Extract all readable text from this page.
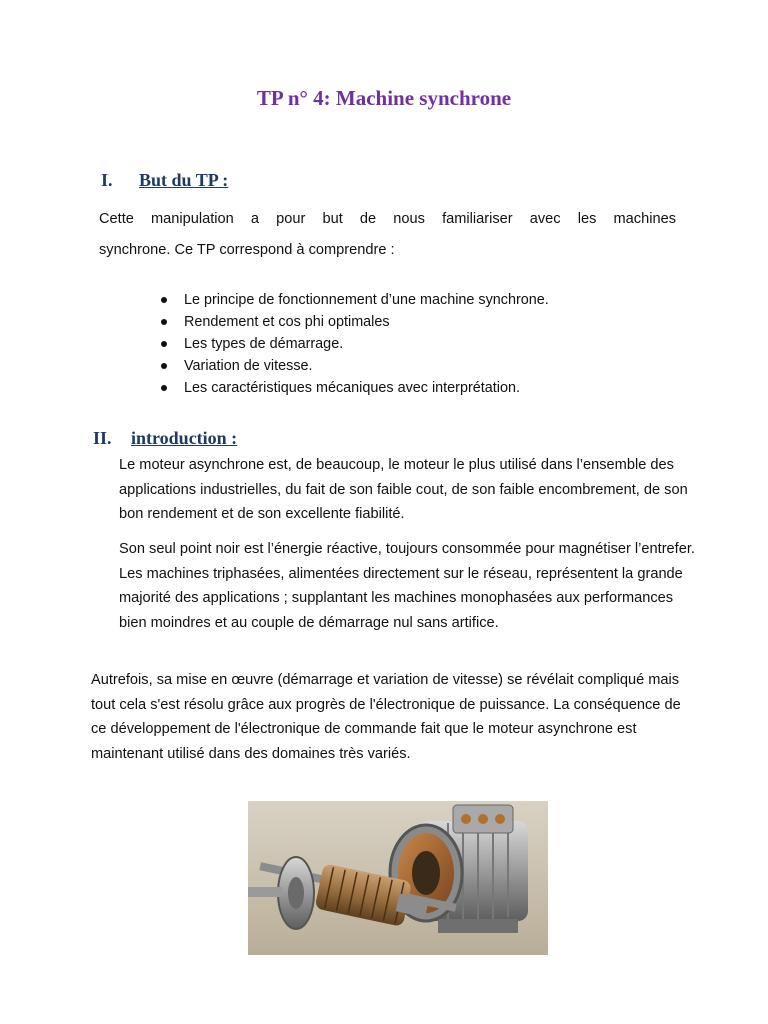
TP n° 4: Machine synchrone
I. But du TP :
Cette manipulation a pour but de nous familiariser avec les machines
synchrone. Ce TP correspond à comprendre :
Le principe de fonctionnement d’une machine synchrone.
Rendement et cos phi optimales
Les types de démarrage.
Variation de vitesse.
Les caractéristiques mécaniques avec interprétation.
II. introduction :
Le moteur asynchrone est, de beaucoup, le moteur le plus utilisé dans l’ensemble des applications industrielles, du fait de son faible cout, de son faible encombrement, de son bon rendement et de son excellente fiabilité.
Son seul point noir est l’énergie réactive, toujours consommée pour magnétiser l’entrefer. Les machines triphasées, alimentées directement sur le réseau, représentent la grande majorité des applications ; supplantant les machines monophasées aux performances bien moindres et au couple de démarrage nul sans artifice.
Autrefois, sa mise en œuvre (démarrage et variation de vitesse) se révélait compliqué mais tout cela s'est résolu grâce aux progrès de l'électronique de puissance. La conséquence de ce développement de l'électronique de commande fait que le moteur asynchrone est maintenant utilisé dans des domaines très variés.
